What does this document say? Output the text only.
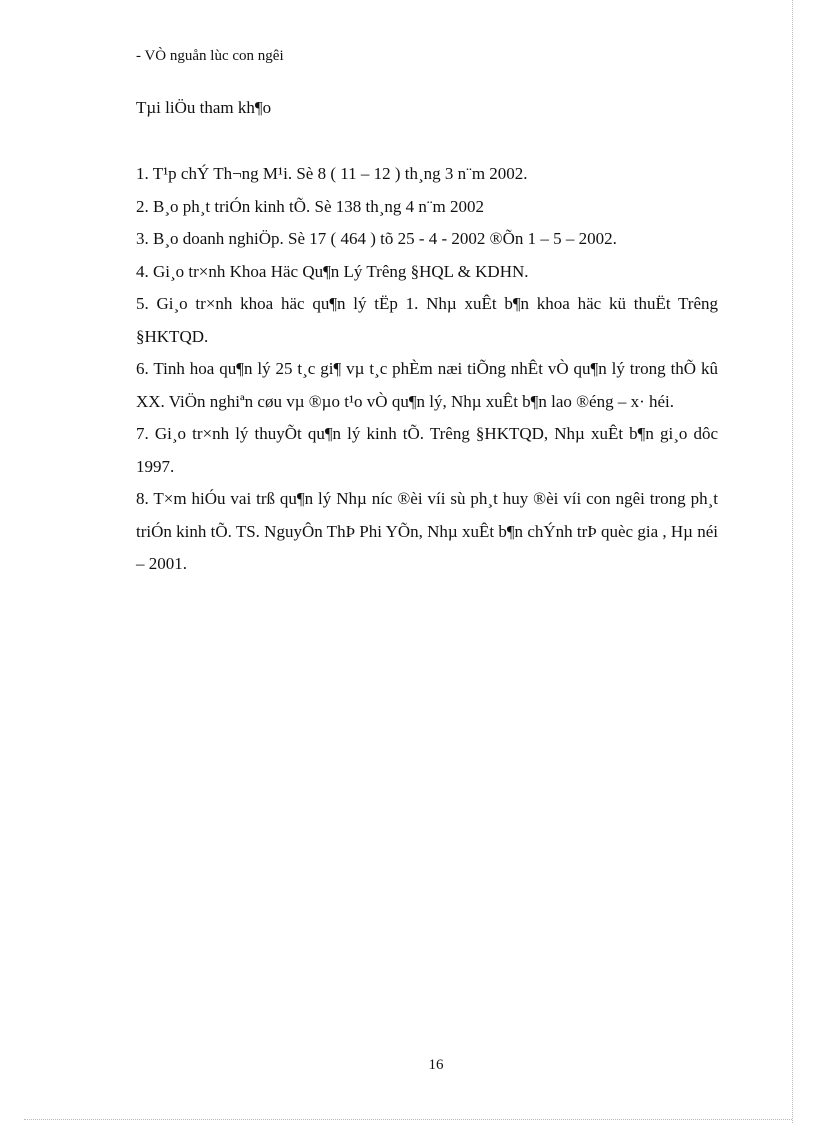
- VÒ nguån lùc con ngêi
Tµi liÖu tham kh¶o
1. T¹p chÝ Th¬ng M¹i. Sè 8 ( 11 – 12 ) th¸ng 3 n¨m 2002.
2. B¸o ph¸t triÓn kinh tÕ. Sè 138 th¸ng 4 n¨m 2002
3. B¸o doanh nghiÖp. Sè 17 ( 464 ) tõ 25 - 4 - 2002 ®Õn 1 – 5 – 2002.
4. Gi¸o tr×nh Khoa Häc Qu¶n Lý Trêng §HQL & KDHN.
5. Gi¸o tr×nh khoa häc qu¶n lý tËp 1. Nhµ xuÊt b¶n khoa häc kü thuËt Trêng §HKTQD.
6. Tinh hoa qu¶n lý 25 t¸c gi¶ vµ t¸c phÈm næi tiÕng nhÊt vÒ qu¶n lý trong thÕ kû XX. ViÖn nghiªn cøu vµ ®µo t¹o vÒ qu¶n lý, Nhµ xuÊt b¶n lao ®éng – x· héi.
7. Gi¸o tr×nh lý thuyÕt qu¶n lý kinh tÕ. Trêng §HKTQD, Nhµ xuÊt b¶n gi¸o dôc 1997.
8. T×m hiÓu vai trß qu¶n lý Nhµ níc ®èi víi sù ph¸t huy ®èi víi con ngêi trong ph¸t triÓn kinh tÕ. TS. NguyÔn ThÞ Phi YÕn, Nhµ xuÊt b¶n chÝnh trÞ quèc gia , Hµ néi – 2001.
16
